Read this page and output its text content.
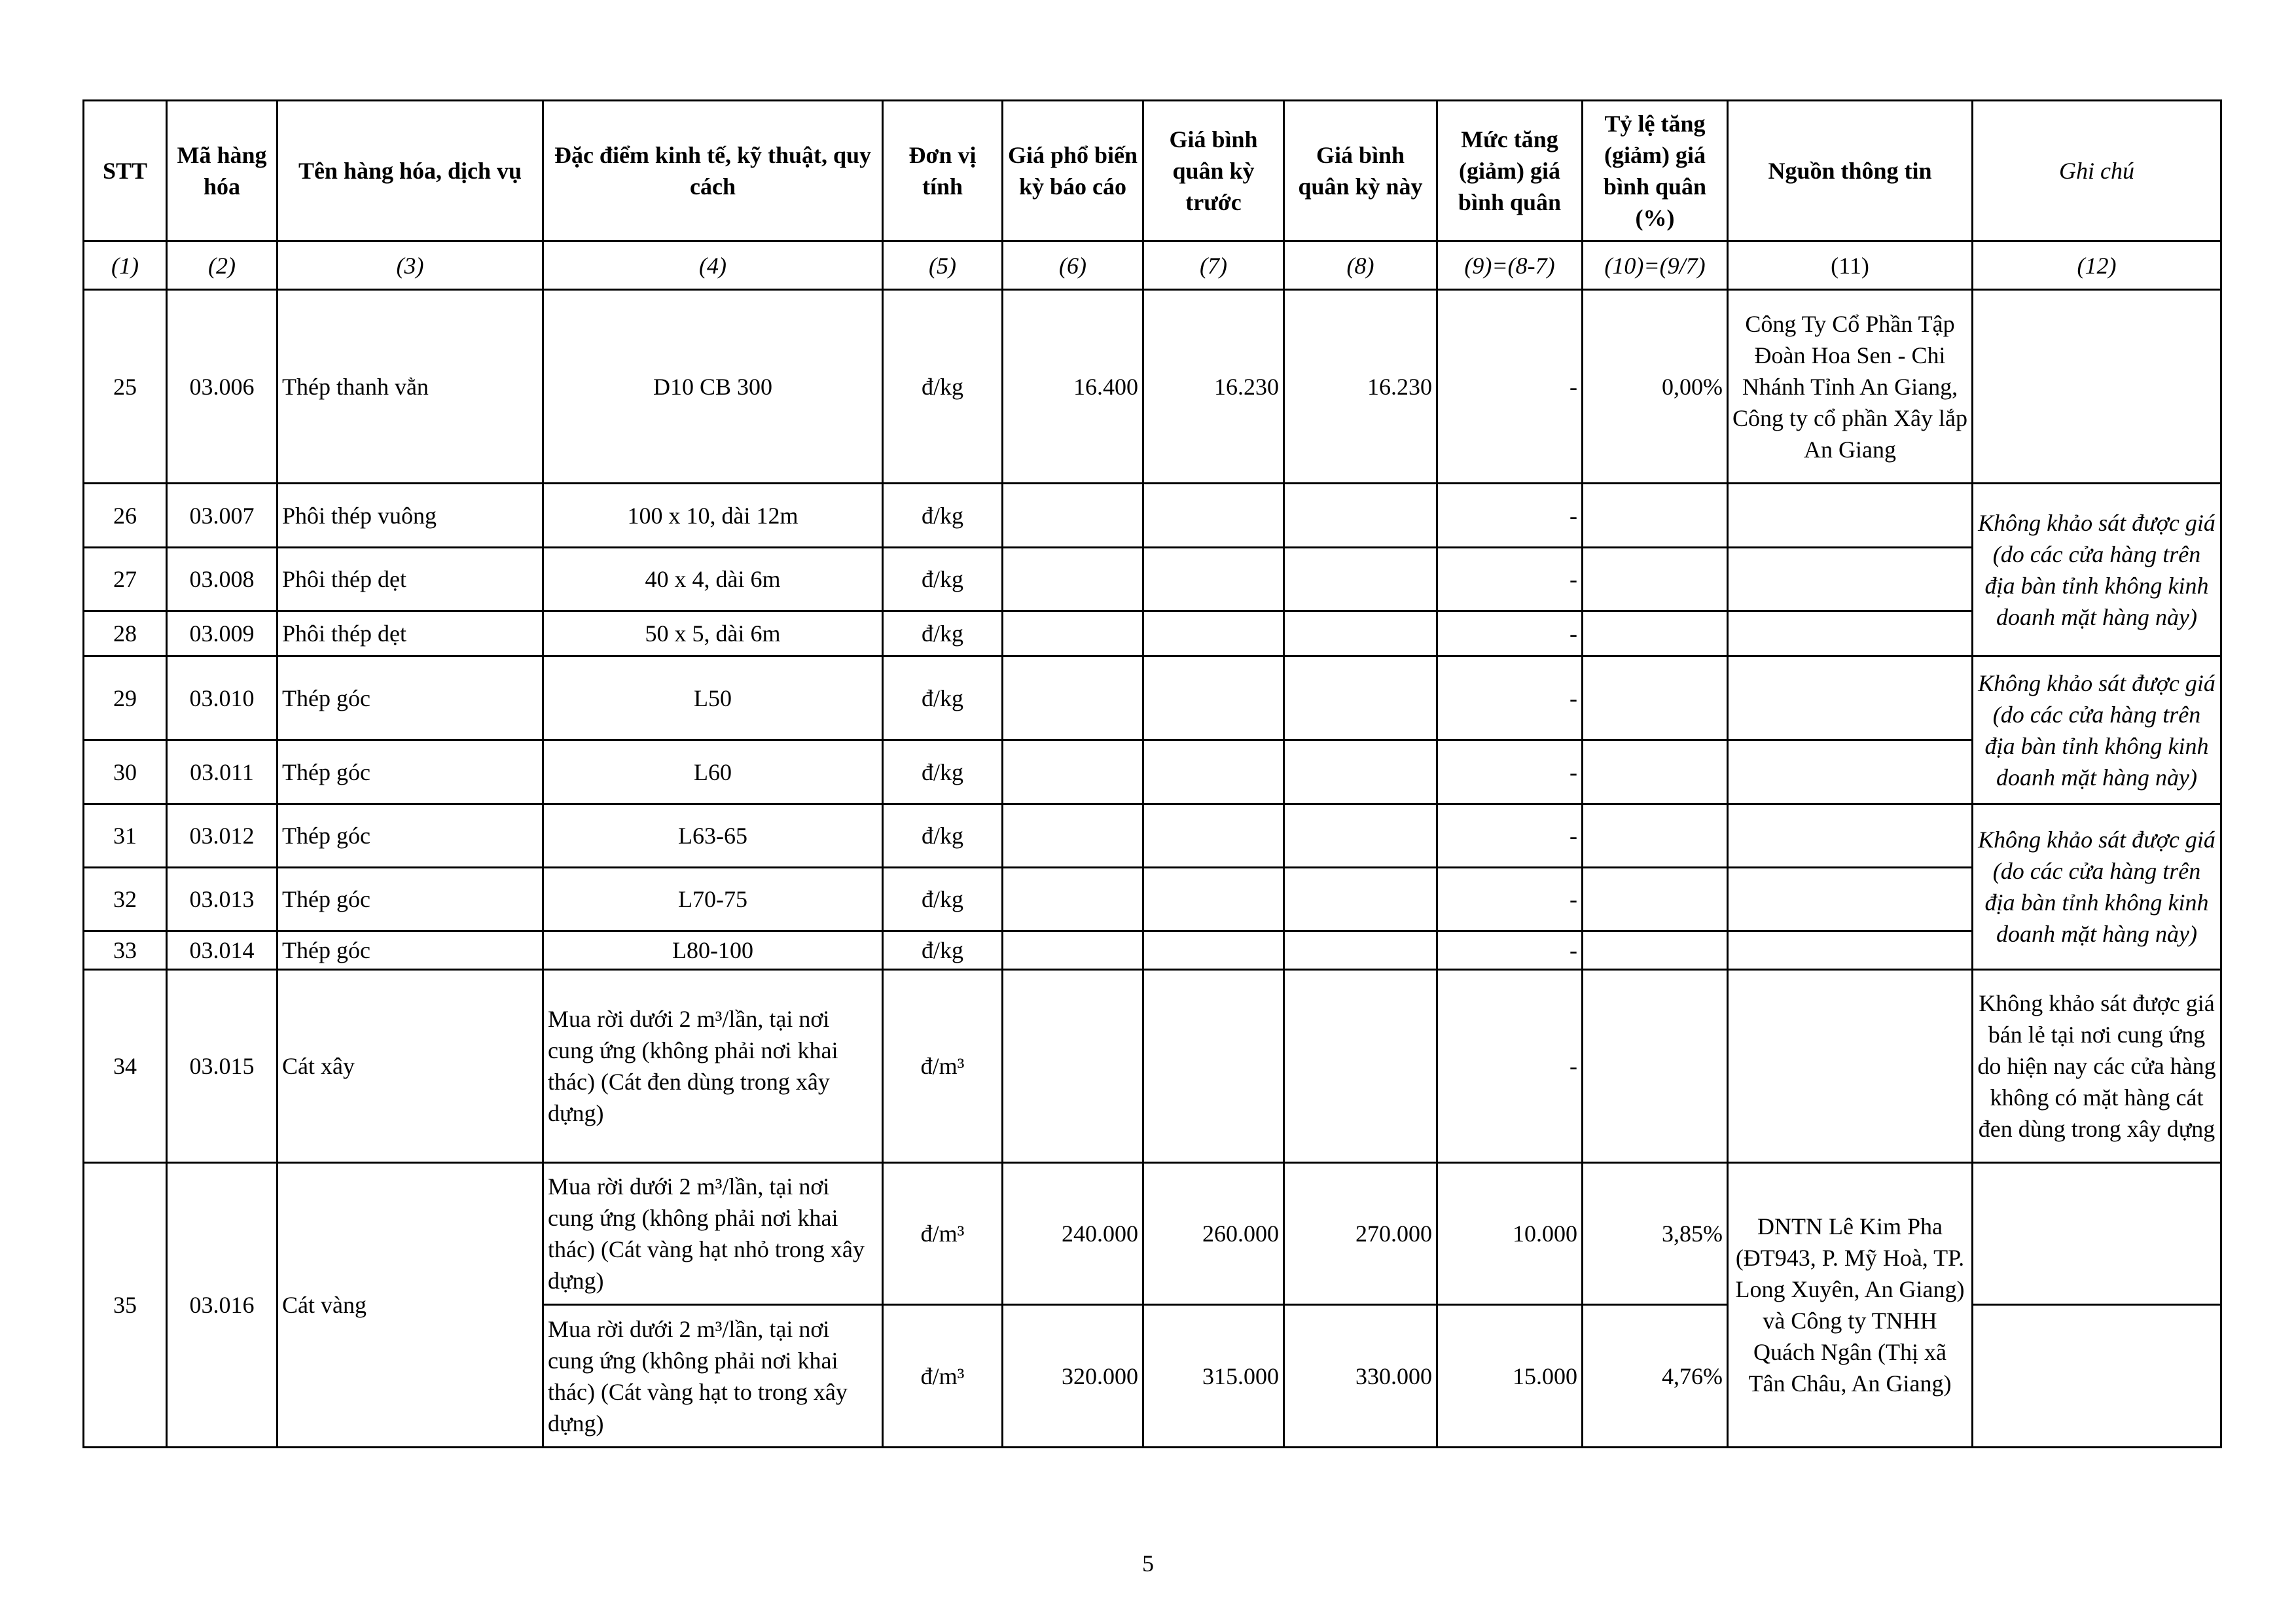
STT	Mã hàng hóa	Tên hàng hóa, dịch vụ	Đặc điểm kinh tế, kỹ thuật, quy cách	Đơn vị tính	Giá phổ biến kỳ báo cáo	Giá bình quân kỳ trước	Giá bình quân kỳ này	Mức tăng (giảm) giá bình quân	Tỷ lệ tăng (giảm) giá bình quân (%)	Nguồn thông tin	Ghi chú
(1)	(2)	(3)	(4)	(5)	(6)	(7)	(8)	(9)=(8-7)	(10)=(9/7)	(11)	(12)
25	03.006	Thép thanh vằn	D10 CB 300	đ/kg	16.400	16.230	16.230	-	0,00%	Công Ty Cổ Phần Tập Đoàn Hoa Sen - Chi Nhánh Tỉnh An Giang, Công ty cổ phần Xây lắp An Giang	
26	03.007	Phôi thép vuông	100 x 10, dài 12m	đ/kg				-			Không khảo sát được giá (do các cửa hàng trên địa bàn tỉnh không kinh doanh mặt hàng này)
27	03.008	Phôi thép dẹt	40 x 4, dài 6m	đ/kg				-			
28	03.009	Phôi thép dẹt	50 x 5, dài 6m	đ/kg				-			
29	03.010	Thép góc	L50	đ/kg				-			Không khảo sát được giá (do các cửa hàng trên địa bàn tỉnh không kinh doanh mặt hàng này)
30	03.011	Thép góc	L60	đ/kg				-			
31	03.012	Thép góc	L63-65	đ/kg				-			Không khảo sát được giá (do các cửa hàng trên địa bàn tỉnh không kinh doanh mặt hàng này)
32	03.013	Thép góc	L70-75	đ/kg				-			
33	03.014	Thép góc	L80-100	đ/kg				-			
34	03.015	Cát xây	Mua rời dưới 2 m³/lần, tại nơi cung ứng (không phải nơi khai thác) (Cát đen dùng trong xây dựng)	đ/m³				-			Không khảo sát được giá bán lẻ tại nơi cung ứng do hiện nay các cửa hàng không có mặt hàng cát đen dùng trong xây dựng
35	03.016	Cát vàng	Mua rời dưới 2 m³/lần, tại nơi cung ứng (không phải nơi khai thác) (Cát vàng hạt nhỏ trong xây dựng)	đ/m³	240.000	260.000	270.000	10.000	3,85%	DNTN Lê Kim Pha (ĐT943, P. Mỹ Hoà, TP. Long Xuyên, An Giang) và Công ty TNHH Quách Ngân (Thị xã Tân Châu, An Giang)	
			Mua rời dưới 2 m³/lần, tại nơi cung ứng (không phải nơi khai thác) (Cát vàng hạt to trong xây dựng)	đ/m³	320.000	315.000	330.000	15.000	4,76%		
5
